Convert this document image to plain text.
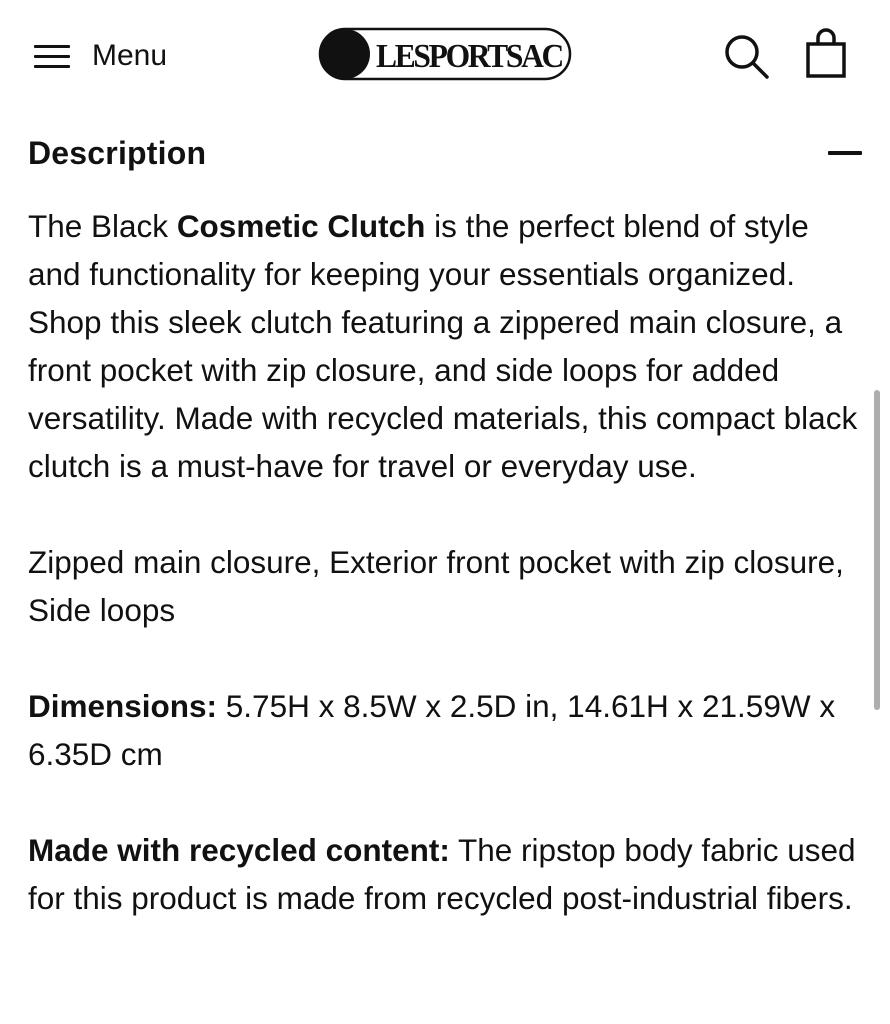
Menu	LESPORTSAC
Description

The Black Cosmetic Clutch is the perfect blend of style and functionality for keeping your essentials organized. Shop this sleek clutch featuring a zippered main closure, a front pocket with zip closure, and side loops for added versatility. Made with recycled materials, this compact black clutch is a must-have for travel or everyday use.

Zipped main closure, Exterior front pocket with zip closure, Side loops

Dimensions: 5.75H x 8.5W x 2.5D in, 14.61H x 21.59W x 6.35D cm

Made with recycled content: The ripstop body fabric used for this product is made from recycled post-industrial fibers.
